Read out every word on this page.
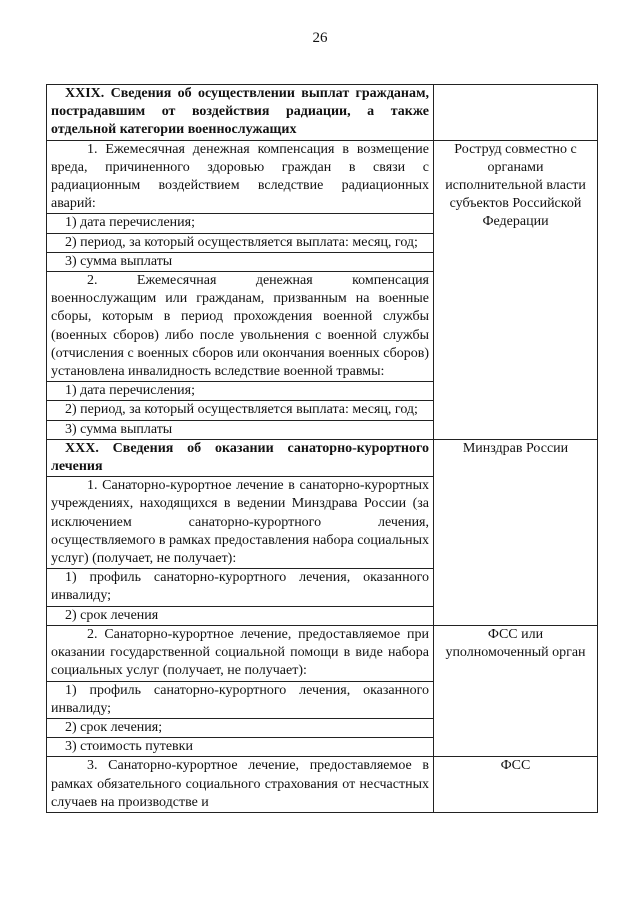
26
XXIX. Сведения об осуществлении выплат гражданам, пострадавшим от воздействия радиации, а также отдельной категории военнослужащих	
1. Ежемесячная денежная компенсация в возмещение вреда, причиненного здоровью граждан в связи с радиационным воздействием вследствие радиационных аварий:	Роструд совместно с органами исполнительной власти субъектов Российской Федерации
1) дата перечисления;	
2) период, за который осуществляется выплата: месяц, год;	
3) сумма выплаты	
2. Ежемесячная денежная компенсация военнослужащим или гражданам, призванным на военные сборы, которым в период прохождения военной службы (военных сборов) либо после увольнения с военной службы (отчисления с военных сборов или окончания военных сборов) установлена инвалидность вследствие военной травмы:	
1) дата перечисления;	
2) период, за который осуществляется выплата: месяц, год;	
3) сумма выплаты	
XXX. Сведения об оказании санаторно-курортного лечения	Минздрав России
1. Санаторно-курортное лечение в санаторно-курортных учреждениях, находящихся в ведении Минздрава России (за исключением санаторно-курортного лечения, осуществляемого в рамках предоставления набора социальных услуг) (получает, не получает):	
1) профиль санаторно-курортного лечения, оказанного инвалиду;	
2) срок лечения	
2. Санаторно-курортное лечение, предоставляемое при оказании государственной социальной помощи в виде набора социальных услуг (получает, не получает):	ФСС или уполномоченный орган
1) профиль санаторно-курортного лечения, оказанного инвалиду;	
2) срок лечения;	
3) стоимость путевки	
3. Санаторно-курортное лечение, предоставляемое в рамках обязательного социального страхования от несчастных случаев на производстве и	ФСС
